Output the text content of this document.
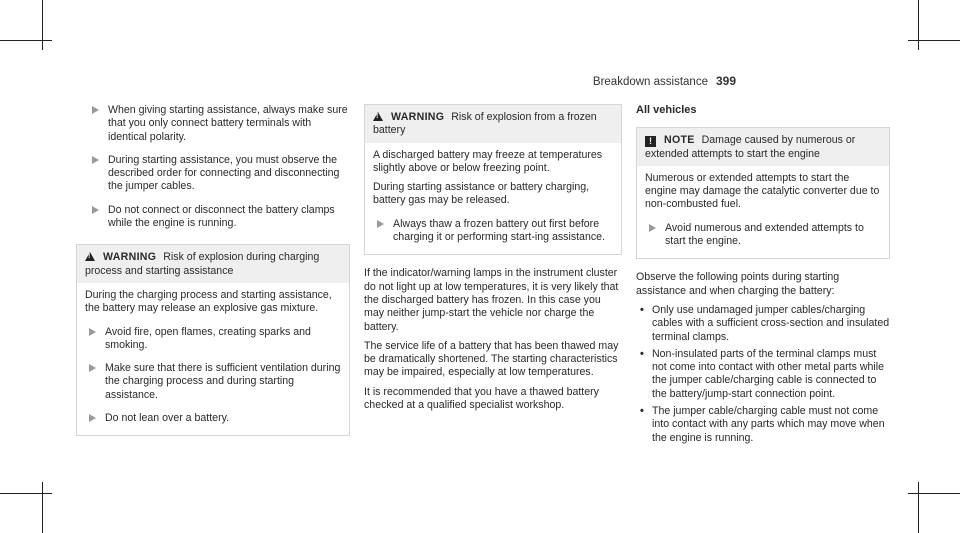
Breakdown assistance 399
When giving starting assistance, always make sure that you only connect battery terminals with identical polarity.
During starting assistance, you must observe the described order for connecting and disconnecting the jumper cables.
Do not connect or disconnect the battery clamps while the engine is running.
!WARNING Risk of explosion during charging process and starting assistance

During the charging process and starting assistance, the battery may release an explosive gas mixture.

Avoid fire, open flames, creating sparks and smoking.
Make sure that there is sufficient ventilation during the charging process and during starting assistance.
Do not lean over a battery.
!WARNING Risk of explosion from a frozen battery

A discharged battery may freeze at temperatures slightly above or below freezing point.

During starting assistance or battery charging, battery gas may be released.

Always thaw a frozen battery out first before charging it or performing start-ing assistance.

If the indicator/warning lamps in the instrument cluster do not light up at low temperatures, it is very likely that the discharged battery has frozen. In this case you may neither jump-start the vehicle nor charge the battery.

The service life of a battery that has been thawed may be dramatically shortened. The starting characteristics may be impaired, especially at low temperatures.

It is recommended that you have a thawed battery checked at a qualified specialist workshop.

All vehicles
! NOTE Damage caused by numerous or extended attempts to start the engine

Numerous or extended attempts to start the engine may damage the catalytic converter due to non-combusted fuel.

Avoid numerous and extended attempts to start the engine.

Observe the following points during starting assistance and when charging the battery:

• Only use undamaged jumper cables/charging cables with a sufficient cross-section and insulated terminal clamps.
• Non-insulated parts of the terminal clamps must not come into contact with other metal parts while the jumper cable/charging cable is connected to the battery/jump-start connection point.
• The jumper cable/charging cable must not come into contact with any parts which may move when the engine is running.
